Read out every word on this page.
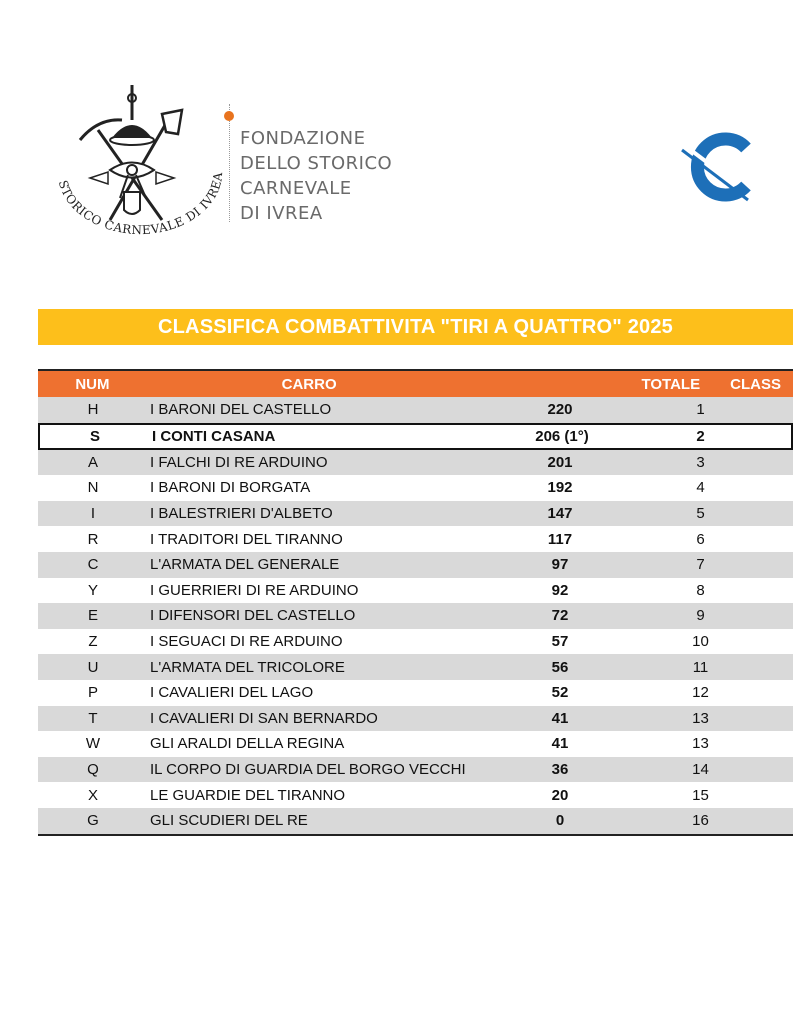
STORICO CARNEVALE DI IVREA
FONDAZIONE
DELLO STORICO
CARNEVALE
DI IVREA
CLASSIFICA COMBATTIVITA "TIRI A QUATTRO" 2025
NUM	CARRO	TOTALE	CLASS
H	I BARONI DEL CASTELLO	220	1
S	I CONTI CASANA	206 (1°)	2
A	I FALCHI DI RE ARDUINO	201	3
N	I BARONI DI BORGATA	192	4
I	I BALESTRIERI D'ALBETO	147	5
R	I TRADITORI DEL TIRANNO	117	6
C	L'ARMATA DEL GENERALE	97	7
Y	I GUERRIERI DI RE ARDUINO	92	8
E	I DIFENSORI DEL CASTELLO	72	9
Z	I SEGUACI DI RE ARDUINO	57	10
U	L'ARMATA DEL TRICOLORE	56	11
P	I CAVALIERI DEL LAGO	52	12
T	I CAVALIERI DI SAN BERNARDO	41	13
W	GLI ARALDI DELLA REGINA	41	13
Q	IL CORPO DI GUARDIA DEL BORGO VECCHI	36	14
X	LE GUARDIE DEL TIRANNO	20	15
G	GLI SCUDIERI DEL RE	0	16
